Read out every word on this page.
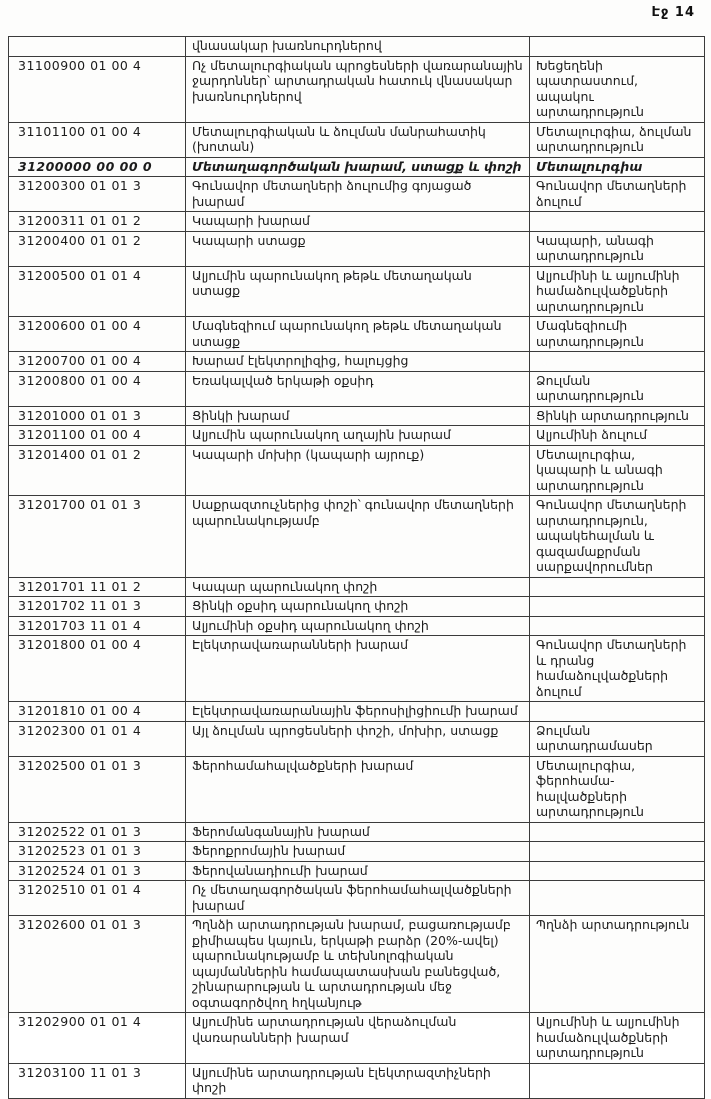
Էջ 14
	վնասակար խառնուրդներով	
31100900 01 00 4	Ոչ մետալուրգիական պրոցեսների վառարանային ջարդոններ՝ արտադրական հատուկ վնասակար խառնուրդներով	Խեցեղենի պատրաստում, ապակու արտադրություն
31101100 01 00 4	Մետալուրգիական և ձուլման մանրահատիկ (խոտան)	Մետալուրգիա, ձուլման արտադրություն
31200000 00 00 0	Մետաղագործական խարամ, ստացք և փոշի	Մետալուրգիա
31200300 01 01 3	Գունավոր մետաղների ձուլումից գոյացած խարամ	Գունավոր մետաղների ձուլում
31200311 01 01 2	Կապարի խարամ	
31200400 01 01 2	Կապարի ստացք	Կապարի, անագի արտադրություն
31200500 01 01 4	Ալյումին պարունակող թեթև մետաղական ստացք	Ալյումինի և ալյումինի համաձուլվածքների արտադրություն
31200600 01 00 4	Մագնեզիում պարունակող թեթև մետաղական ստացք	Մագնեզիումի արտադրություն
31200700 01 00 4	Խարամ էլեկտրոլիզից, հալույցից	
31200800 01 00 4	Եռակալված երկաթի օքսիդ	Ձուլման արտադրություն
31201000 01 01 3	Ցինկի խարամ	Ցինկի արտադրություն
31201100 01 00 4	Ալյումին պարունակող աղային խարամ	Ալյումինի ձուլում
31201400 01 01 2	Կապարի մոխիր (կապարի այրուք)	Մետալուրգիա, կապարի և անագի արտադրություն
31201700 01 01 3	Սաքրազտուչներից փոշի՝ գունավոր մետաղների պարունակությամբ	Գունավոր մետաղների արտադրություն, ապակեհալման և գազամաքրման սարքավորումներ
31201701 11 01 2	Կապար պարունակող փոշի	
31201702 11 01 3	Ցինկի օքսիդ պարունակող փոշի	
31201703 11 01 4	Ալյումինի օքսիդ պարունակող փոշի	
31201800 01 00 4	Էլեկտրավառարանների խարամ	Գունավոր մետաղների և դրանց համաձուլվածքների ձուլում
31201810 01 00 4	Էլեկտրավառարանային ֆերոսիլիցիումի խարամ	
31202300 01 01 4	Այլ ձուլման պրոցեսների փոշի, մոխիր, ստացք	Ձուլման արտադրամասեր
31202500 01 01 3	Ֆերոհամահալվածքների խարամ	Մետալուրգիա, ֆերոհամա-հալվածքների արտադրություն
31202522 01 01 3	Ֆերոմանգանային խարամ	
31202523 01 01 3	Ֆերոքրոմային խարամ	
31202524 01 01 3	Ֆերովանադիումի խարամ	
31202510 01 01 4	Ոչ մետաղագործական ֆերոհամահալվածքների խարամ	
31202600 01 01 3	Պղնձի արտադրության խարամ, բացառությամբ քիմիապես կայուն, երկաթի բարձր (20%-ավել) պարունակությամբ և տեխնոլոգիական պայմաններին համապատասխան բանեցված, շինարարության և արտադրության մեջ օգտագործվող հղկանյութ	Պղնձի արտադրություն
31202900 01 01 4	Ալյումինե արտադրության վերաձուլման վառարանների խարամ	Ալյումինի և ալյումինի համաձուլվածքների արտադրություն
31203100 11 01 3	Ալյումինե արտադրության էլեկտրազտիչների փոշի	
